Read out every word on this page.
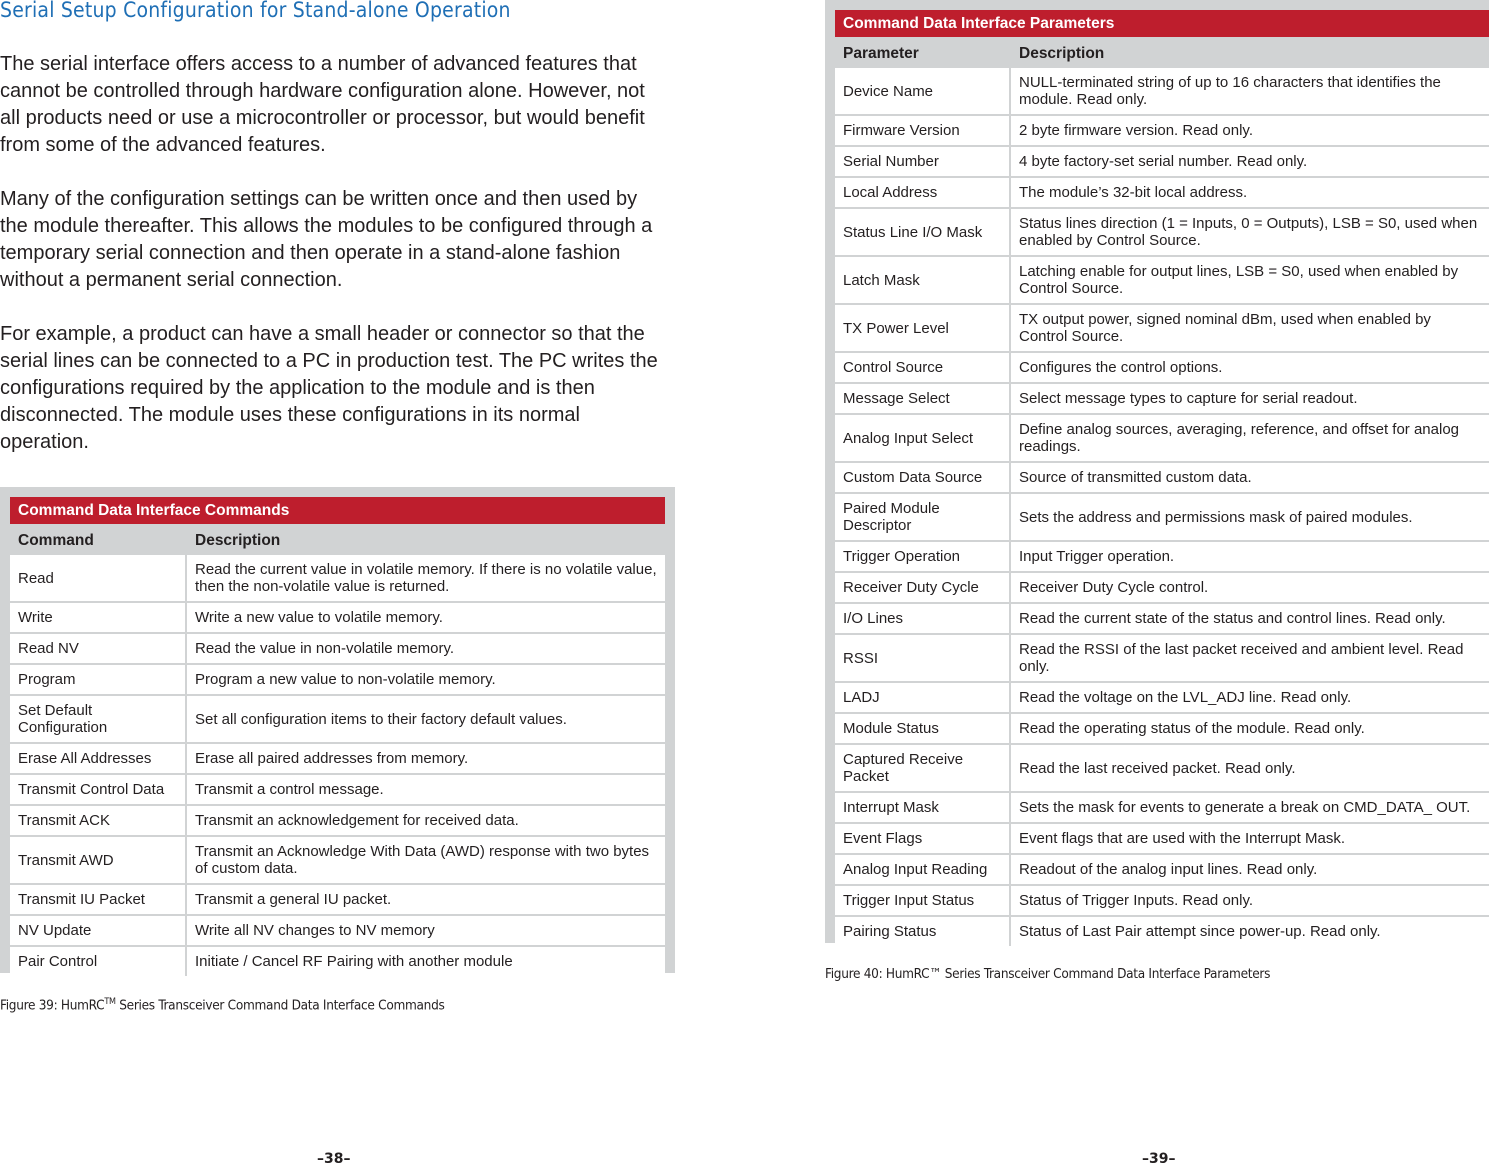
Serial Setup Configuration for Stand-alone Operation

The serial interface offers access to a number of advanced features that cannot be controlled through hardware configuration alone. However, not all products need or use a microcontroller or processor, but would benefit from some of the advanced features.

Many of the configuration settings can be written once and then used by the module thereafter. This allows the modules to be configured through a temporary serial connection and then operate in a stand-alone fashion without a permanent serial connection.

For example, a product can have a small header or connector so that the serial lines can be connected to a PC in production test. The PC writes the configurations required by the application to the module and is then disconnected. The module uses these configurations in its normal operation.

Command Data Interface Commands
Command	Description
Read	Read the current value in volatile memory. If there is no volatile value, then the non-volatile value is returned.
Write	Write a new value to volatile memory.
Read NV	Read the value in non-volatile memory.
Program	Program a new value to non-volatile memory.
Set Default Configuration	Set all configuration items to their factory default values.
Erase All Addresses	Erase all paired addresses from memory.
Transmit Control Data	Transmit a control message.
Transmit ACK	Transmit an acknowledgement for received data.
Transmit AWD	Transmit an Acknowledge With Data (AWD) response with two bytes of custom data.
Transmit IU Packet	Transmit a general IU packet.
NV Update	Write all NV changes to NV memory
Pair Control	Initiate / Cancel RF Pairing with another module
Figure 39: HumRC™ Series Transceiver Command Data Interface Commands
–38–
Command Data Interface Parameters
Parameter	Description
Device Name	NULL-terminated string of up to 16 characters that identifies the module. Read only.
Firmware Version	2 byte firmware version. Read only.
Serial Number	4 byte factory-set serial number. Read only.
Local Address	The module’s 32-bit local address.
Status Line I/O Mask	Status lines direction (1 = Inputs, 0 = Outputs), LSB = S0, used when enabled by Control Source.
Latch Mask	Latching enable for output lines, LSB = S0, used when enabled by Control Source.
TX Power Level	TX output power, signed nominal dBm, used when enabled by Control Source.
Control Source	Configures the control options.
Message Select	Select message types to capture for serial readout.
Analog Input Select	Define analog sources, averaging, reference, and offset for analog readings.
Custom Data Source	Source of transmitted custom data.
Paired Module Descriptor	Sets the address and permissions mask of paired modules.
Trigger Operation	Input Trigger operation.
Receiver Duty Cycle	Receiver Duty Cycle control.
I/O Lines	Read the current state of the status and control lines. Read only.
RSSI	Read the RSSI of the last packet received and ambient level. Read only.
LADJ	Read the voltage on the LVL_ADJ line. Read only.
Module Status	Read the operating status of the module. Read only.
Captured Receive Packet	Read the last received packet. Read only.
Interrupt Mask	Sets the mask for events to generate a break on CMD_DATA_ OUT.
Event Flags	Event flags that are used with the Interrupt Mask.
Analog Input Reading	Readout of the analog input lines. Read only.
Trigger Input Status	Status of Trigger Inputs. Read only.
Pairing Status	Status of Last Pair attempt since power-up. Read only.
Figure 40: HumRC™ Series Transceiver Command Data Interface Parameters
–39–
